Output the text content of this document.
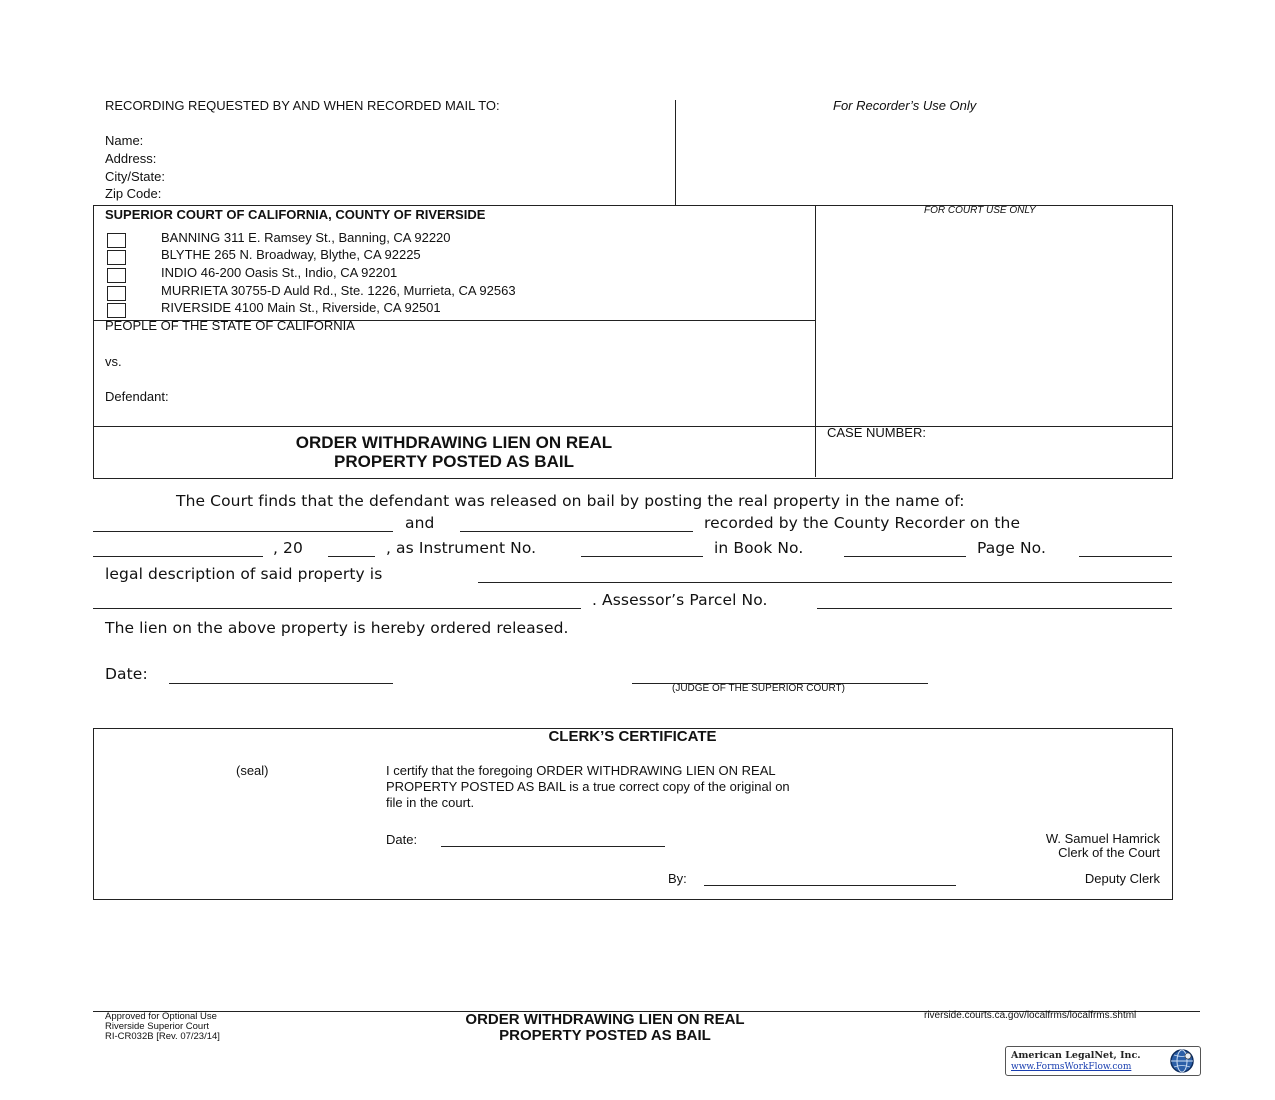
RECORDING REQUESTED BY AND WHEN RECORDED MAIL TO:	For Recorder’s Use Only
Name:
Address:
City/State:
Zip Code:
SUPERIOR COURT OF CALIFORNIA, COUNTY OF RIVERSIDE	FOR COURT USE ONLY
BANNING 311 E. Ramsey St., Banning, CA 92220
BLYTHE 265 N. Broadway, Blythe, CA 92225
INDIO 46-200 Oasis St., Indio, CA 92201
MURRIETA 30755-D Auld Rd., Ste. 1226, Murrieta, CA 92563
RIVERSIDE 4100 Main St., Riverside, CA 92501
PEOPLE OF THE STATE OF CALIFORNIA
vs.
Defendant:
ORDER WITHDRAWING LIEN ON REAL
PROPERTY POSTED AS BAIL
CASE NUMBER:
The Court finds that the defendant was released on bail by posting the real property in the name of:
and	recorded by the County Recorder on the
, 20	, as Instrument No.	in Book No.	Page No.
legal description of said property is
. Assessor’s Parcel No.
The lien on the above property is hereby ordered released.
Date:
(JUDGE OF THE SUPERIOR COURT)
CLERK’S CERTIFICATE
(seal)	I certify that the foregoing ORDER WITHDRAWING LIEN ON REAL
PROPERTY POSTED AS BAIL is a true correct copy of the original on
file in the court.
Date:	W. Samuel Hamrick
Clerk of the Court
By:	Deputy Clerk
Approved for Optional Use
Riverside Superior Court
RI-CR032B [Rev. 07/23/14]
ORDER WITHDRAWING LIEN ON REAL
PROPERTY POSTED AS BAIL
riverside.courts.ca.gov/localfrms/localfrms.shtml
American LegalNet, Inc.
www.FormsWorkFlow.com
